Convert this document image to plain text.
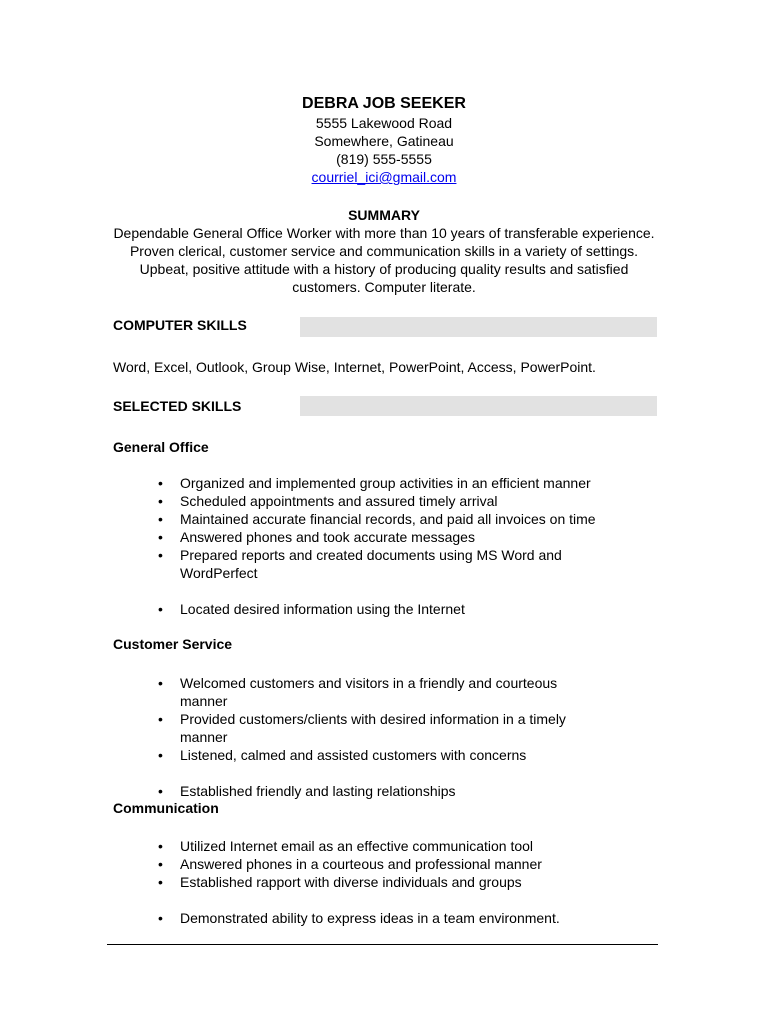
DEBRA JOB SEEKER
5555 Lakewood Road
Somewhere, Gatineau
(819) 555-5555
courriel_ici@gmail.com
SUMMARY
Dependable General Office Worker with more than 10 years of transferable experience. Proven clerical, customer service and communication skills in a variety of settings. Upbeat, positive attitude with a history of producing quality results and satisfied customers. Computer literate.
COMPUTER SKILLS
Word, Excel, Outlook, Group Wise, Internet, PowerPoint, Access, PowerPoint.
SELECTED SKILLS
General Office
• Organized and implemented group activities in an efficient manner
• Scheduled appointments and assured timely arrival
• Maintained accurate financial records, and paid all invoices on time
• Answered phones and took accurate messages
• Prepared reports and created documents using MS Word and WordPerfect
• Located desired information using the Internet
Customer Service
• Welcomed customers and visitors in a friendly and courteous manner
• Provided customers/clients with desired information in a timely manner
• Listened, calmed and assisted customers with concerns
• Established friendly and lasting relationships
Communication
• Utilized Internet email as an effective communication tool
• Answered phones in a courteous and professional manner
• Established rapport with diverse individuals and groups
• Demonstrated ability to express ideas in a team environment.
